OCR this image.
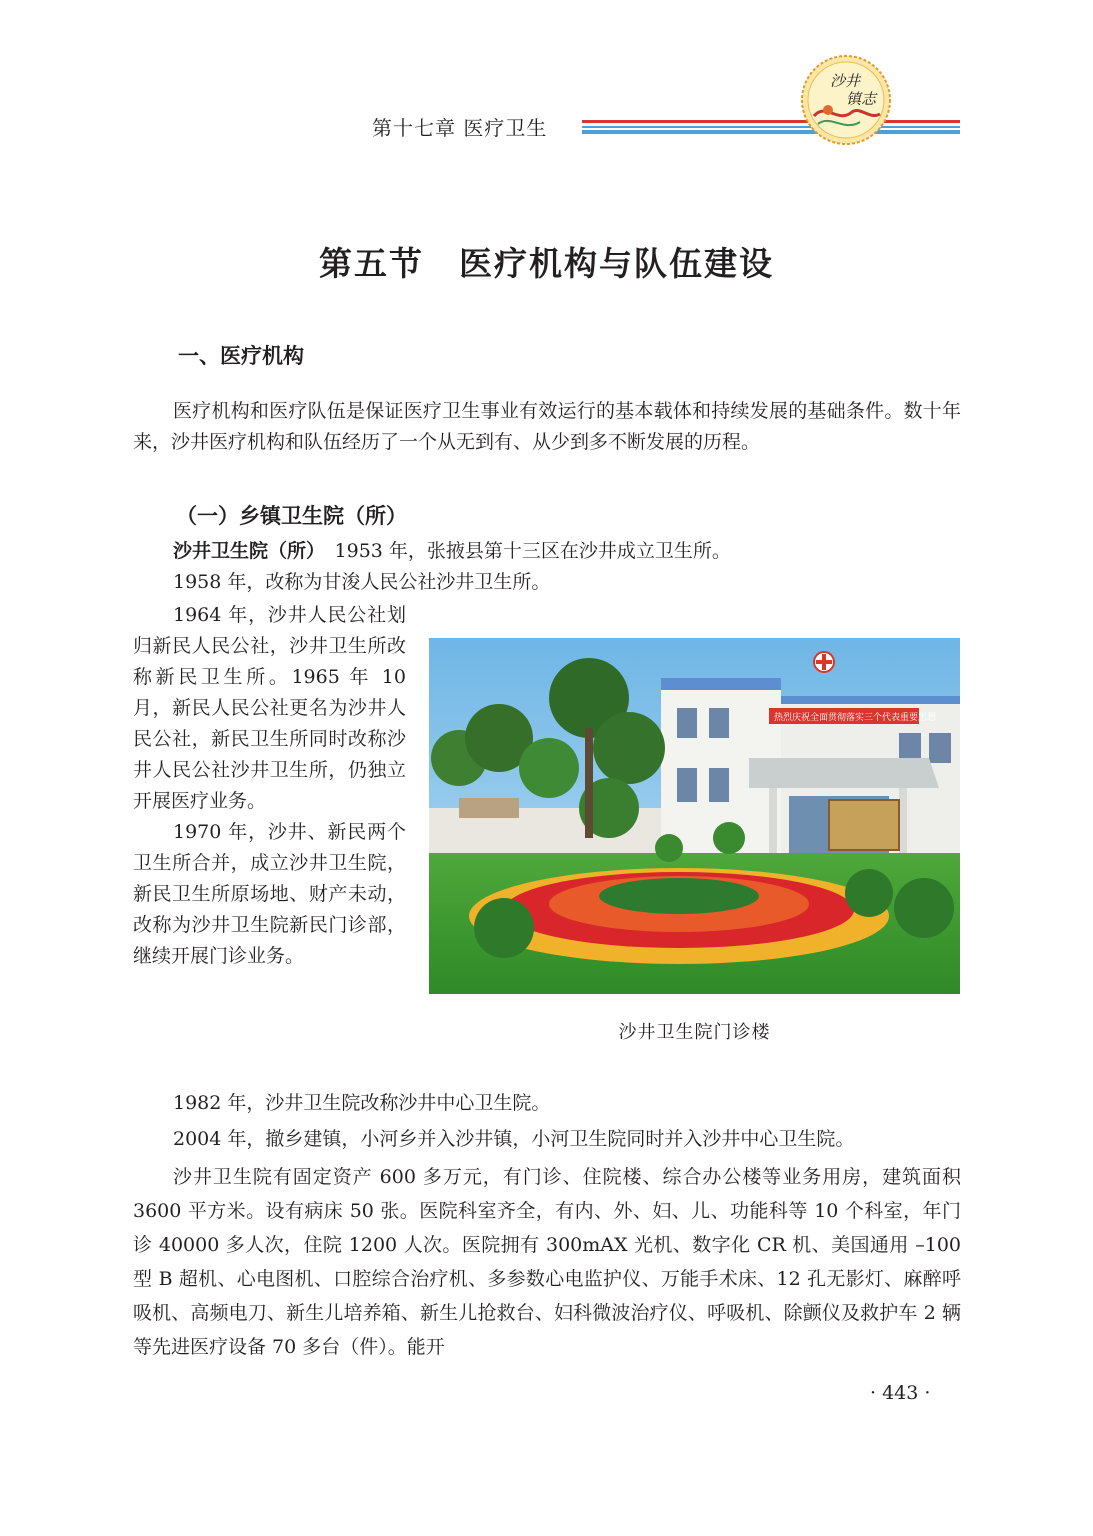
第十七章 医疗卫生
沙井
镇志
第五节　医疗机构与队伍建设
一、医疗机构
医疗机构和医疗队伍是保证医疗卫生事业有效运行的基本载体和持续发展的基础条件。数十年来，沙井医疗机构和队伍经历了一个从无到有、从少到多不断发展的历程。
（一）乡镇卫生院（所）
沙井卫生院（所）　1953 年，张掖县第十三区在沙井成立卫生所。
1958 年，改称为甘浚人民公社沙井卫生所。

1964 年，沙井人民公社划归新民人民公社，沙井卫生所改称新民卫生所。1965 年 10 月，新民人民公社更名为沙井人民公社，新民卫生所同时改称沙井人民公社沙井卫生所，仍独立开展医疗业务。

1970 年，沙井、新民两个卫生所合并，成立沙井卫生院，新民卫生所原场地、财产未动，改称为沙井卫生院新民门诊部，继续开展门诊业务。

热烈庆祝全面贯彻落实三个代表重要思想
沙井卫生院门诊楼
1982 年，沙井卫生院改称沙井中心卫生院。
2004 年，撤乡建镇，小河乡并入沙井镇，小河卫生院同时并入沙井中心卫生院。
沙井卫生院有固定资产 600 多万元，有门诊、住院楼、综合办公楼等业务用房，建筑面积 3600 平方米。设有病床 50 张。医院科室齐全，有内、外、妇、儿、功能科等 10 个科室，年门诊 40000 多人次，住院 1200 人次。医院拥有 300mAX 光机、数字化 CR 机、美国通用 –100 型 B 超机、心电图机、口腔综合治疗机、多参数心电监护仪、万能手术床、12 孔无影灯、麻醉呼吸机、高频电刀、新生儿培养箱、新生儿抢救台、妇科微波治疗仪、呼吸机、除颤仪及救护车 2 辆等先进医疗设备 70 多台（件）。能开
· 443 ·
